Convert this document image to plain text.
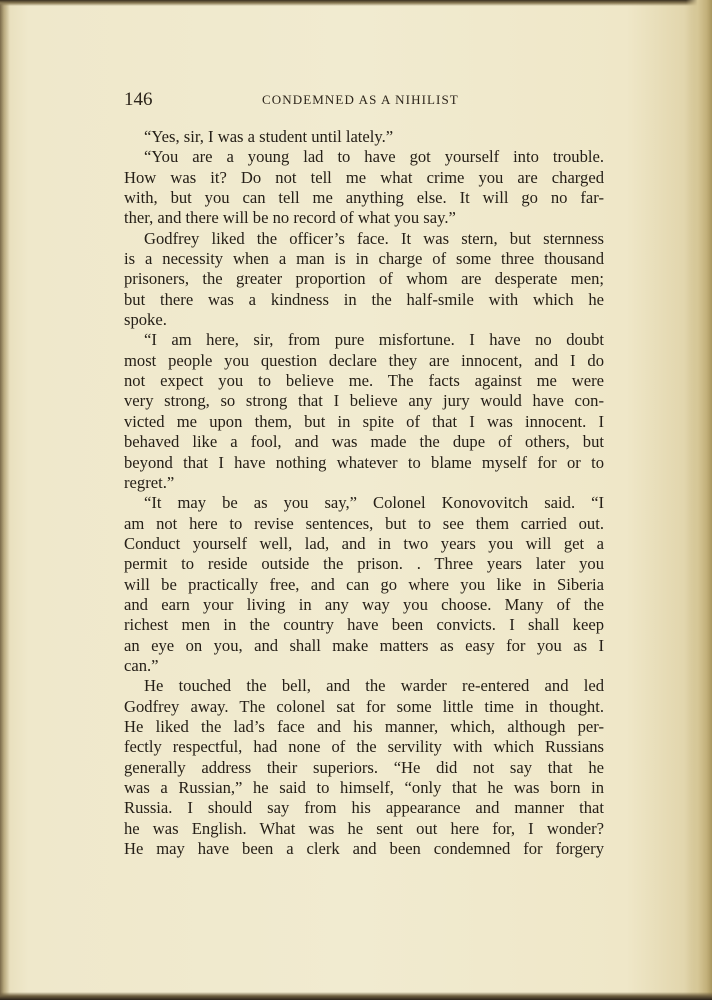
146	CONDEMNED AS A NIHILIST

“Yes, sir, I was a student until lately.”

“You are a young lad to have got yourself into trouble.

How was it? Do not tell me what crime you are charged

with, but you can tell me anything else. It will go no far-

ther, and there will be no record of what you say.”

Godfrey liked the officer’s face. It was stern, but sternness

is a necessity when a man is in charge of some three thousand

prisoners, the greater proportion of whom are desperate men;

but there was a kindness in the half-smile with which he

spoke.

“I am here, sir, from pure misfortune. I have no doubt

most people you question declare they are innocent, and I do

not expect you to believe me. The facts against me were

very strong, so strong that I believe any jury would have con-

victed me upon them, but in spite of that I was innocent. I

behaved like a fool, and was made the dupe of others, but

beyond that I have nothing whatever to blame myself for or to

regret.”

“It may be as you say,” Colonel Konovovitch said. “I

am not here to revise sentences, but to see them carried out.

Conduct yourself well, lad, and in two years you will get a

permit to reside outside the prison. . Three years later you

will be practically free, and can go where you like in Siberia

and earn your living in any way you choose. Many of the

richest men in the country have been convicts. I shall keep

an eye on you, and shall make matters as easy for you as I

can.”

He touched the bell, and the warder re-entered and led

Godfrey away. The colonel sat for some little time in thought.

He liked the lad’s face and his manner, which, although per-

fectly respectful, had none of the servility with which Russians

generally address their superiors. “He did not say that he

was a Russian,” he said to himself, “only that he was born in

Russia. I should say from his appearance and manner that

he was English. What was he sent out here for, I wonder?

He may have been a clerk and been condemned for forgery
